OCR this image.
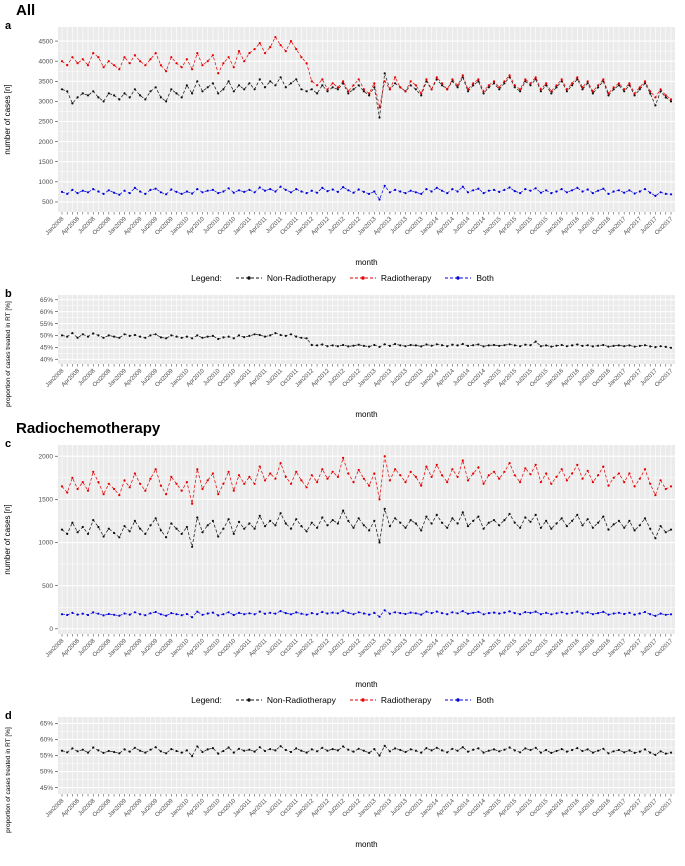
All
a
500
1000
1500
2000
2500
3000
3500
4000
4500
Jan2008
Apr2008
Jul2008
Oct2008
Jan2009
Apr2009
Jul2009
Oct2009
Jan2010
Apr2010
Jul2010
Oct2010
Jan2011
Apr2011
Jul2011
Oct2011
Jan2012
Apr2012
Jul2012
Oct2012
Jan2013
Apr2013
Jul2013
Oct2013
Jan2014
Apr2014
Jul2014
Oct2014
Jan2015
Apr2015
Jul2015
Oct2015
Jan2016
Apr2016
Jul2016
Oct2016
Jan2017
Apr2017
Jul2017
Oct2017
month
number of cases [n]
Legend:	Non-Radiotherapy	Radiotherapy	Both
b
40%
45%
50%
55%
60%
65%
Jan2008
Apr2008
Jul2008
Oct2008
Jan2009
Apr2009
Jul2009
Oct2009
Jan2010
Apr2010
Jul2010
Oct2010
Jan2011
Apr2011
Jul2011
Oct2011
Jan2012
Apr2012
Jul2012
Oct2012
Jan2013
Apr2013
Jul2013
Oct2013
Jan2014
Apr2014
Jul2014
Oct2014
Jan2015
Apr2015
Jul2015
Oct2015
Jan2016
Apr2016
Jul2016
Oct2016
Jan2017
Apr2017
Jul2017
Oct2017
month
proportion of cases treated in RT [%]
Radiochemotherapy
c
0
500
1000
1500
2000
Jan2008
Apr2008
Jul2008
Oct2008
Jan2009
Apr2009
Jul2009
Oct2009
Jan2010
Apr2010
Jul2010
Oct2010
Jan2011
Apr2011
Jul2011
Oct2011
Jan2012
Apr2012
Jul2012
Oct2012
Jan2013
Apr2013
Jul2013
Oct2013
Jan2014
Apr2014
Jul2014
Oct2014
Jan2015
Apr2015
Jul2015
Oct2015
Jan2016
Apr2016
Jul2016
Oct2016
Jan2017
Apr2017
Jul2017
Oct2017
month
number of cases [n]
Legend:	Non-Radiotherapy	Radiotherapy	Both
d
45%
50%
55%
60%
65%
Jan2008
Apr2008
Jul2008
Oct2008
Jan2009
Apr2009
Jul2009
Oct2009
Jan2010
Apr2010
Jul2010
Oct2010
Jan2011
Apr2011
Jul2011
Oct2011
Jan2012
Apr2012
Jul2012
Oct2012
Jan2013
Apr2013
Jul2013
Oct2013
Jan2014
Apr2014
Jul2014
Oct2014
Jan2015
Apr2015
Jul2015
Oct2015
Jan2016
Apr2016
Jul2016
Oct2016
Jan2017
Apr2017
Jul2017
Oct2017
month
proportion of cases treated in RT [%]
